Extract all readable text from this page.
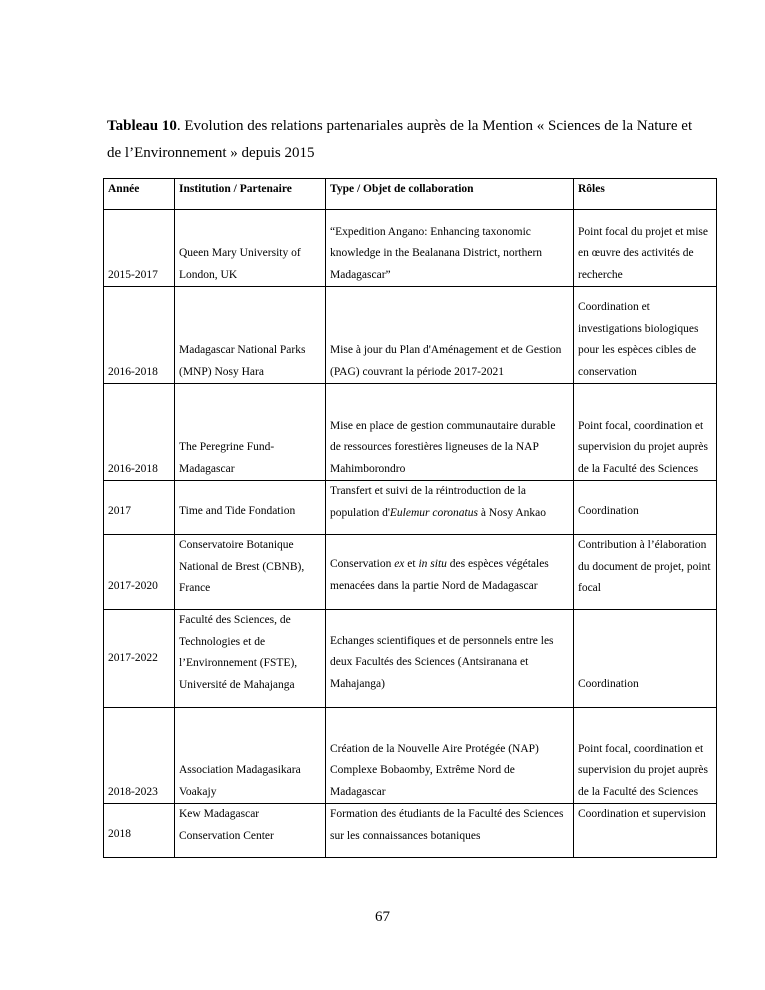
Tableau 10. Evolution des relations partenariales auprès de la Mention « Sciences de la Nature et de l’Environnement » depuis 2015

Année	Institution / Partenaire	Type / Objet de collaboration	Rôles
2015-2017	Queen Mary University of London, UK	“Expedition Angano: Enhancing taxonomic knowledge in the Bealanana District, northern Madagascar”	Point focal du projet et mise en œuvre des activités de recherche
2016-2018	Madagascar National Parks (MNP) Nosy Hara	Mise à jour du Plan d'Aménagement et de Gestion (PAG) couvrant la période 2017-2021	Coordination et investigations biologiques pour les espèces cibles de conservation
2016-2018	The Peregrine Fund-Madagascar	Mise en place de gestion communautaire durable de ressources forestières ligneuses de la NAP Mahimborondro	Point focal, coordination et supervision du projet auprès de la Faculté des Sciences
2017	Time and Tide Fondation	Transfert et suivi de la réintroduction de la population d'Eulemur coronatus à Nosy Ankao	Coordination
2017-2020	Conservatoire Botanique National de Brest (CBNB), France	Conservation ex et in situ des espèces végétales menacées dans la partie Nord de Madagascar	Contribution à l’élaboration du document de projet, point focal
2017-2022	Faculté des Sciences, de Technologies et de l’Environnement (FSTE), Université de Mahajanga	Echanges scientifiques et de personnels entre les deux Facultés des Sciences (Antsiranana et Mahajanga)	Coordination
2018-2023	Association Madagasikara Voakajy	Création de la Nouvelle Aire Protégée (NAP) Complexe Bobaomby, Extrême Nord de Madagascar	Point focal, coordination et supervision du projet auprès de la Faculté des Sciences
2018	Kew Madagascar Conservation Center	Formation des étudiants de la Faculté des Sciences sur les connaissances botaniques	Coordination et supervision
67
